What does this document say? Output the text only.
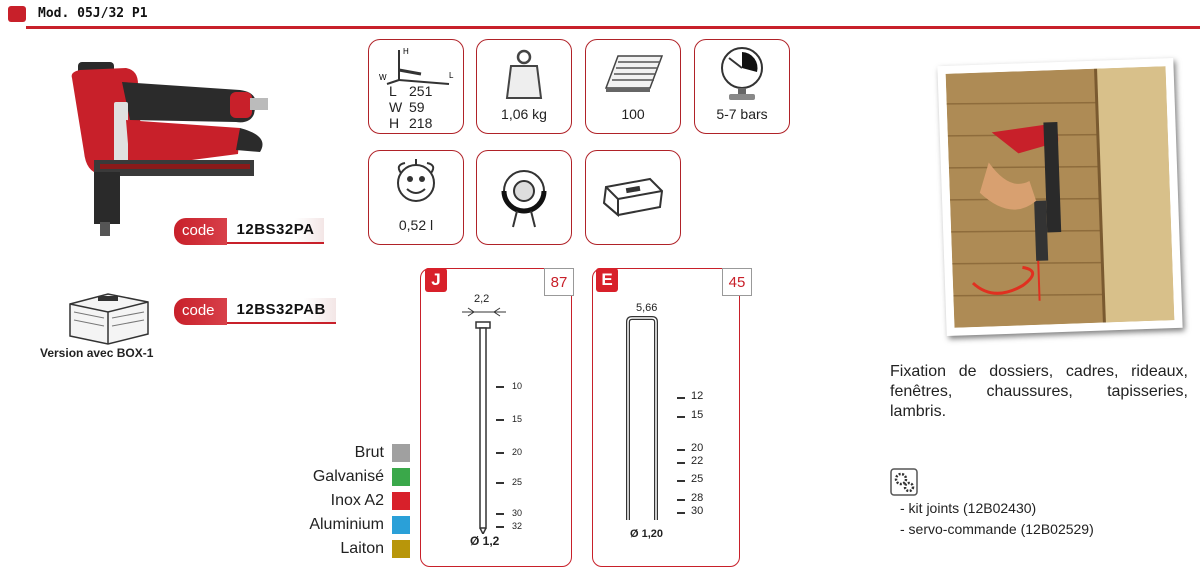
Mod. 05J/32 P1
code	12BS32PA
code	12BS32PAB
Version avec BOX-1
H
W	L
L 251
W 59
H 218
1,06 kg	100	5-7 bars
0,52 l
J	87
2,2
10
15
20
25
30
32
Ø 1,2
E	45
5,66
12
15
20
22
25
28
30
Ø 1,20
Brut
Galvanisé
Inox A2
Aluminium
Laiton
Fixation de dossiers, cadres, rideaux, fenêtres, chaussures, tapisseries, lambris.
- kit joints (12B02430)
- servo-commande (12B02529)
